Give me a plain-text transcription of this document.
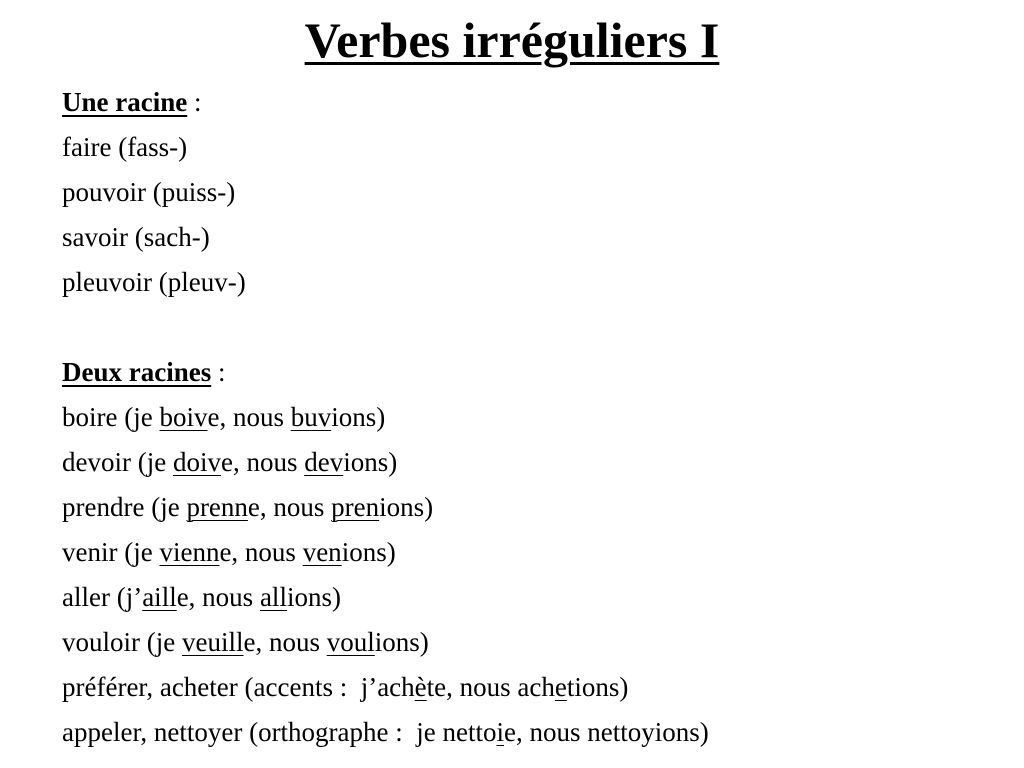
Verbes irréguliers I
Une racine :
faire (fass-)
pouvoir (puiss-)
savoir (sach-)
pleuvoir (pleuv-)
Deux racines :
boire (je boive, nous buvions)
devoir (je doive, nous devions)
prendre (je prenne, nous prenions)
venir (je vienne, nous venions)
aller (j’aille, nous allions)
vouloir (je veuille, nous voulions)
préférer, acheter (accents :  j’achète, nous achetions)
appeler, nettoyer (orthographe :  je nettoie, nous nettoyions)
